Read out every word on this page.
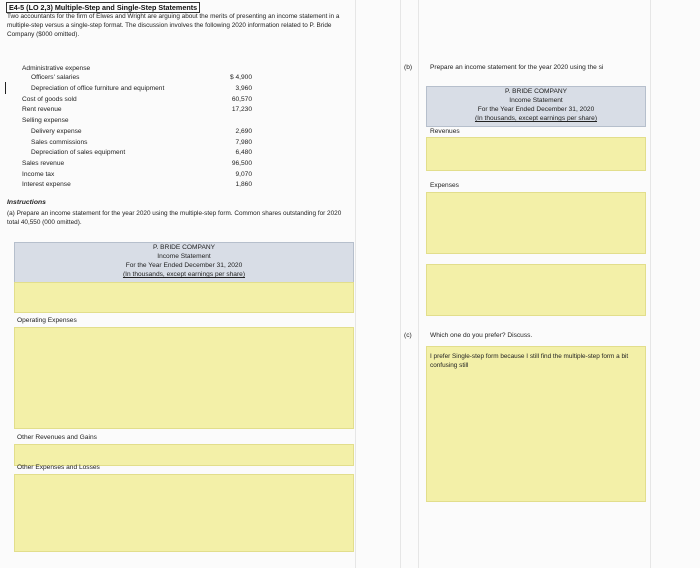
E4-5 (LO 2,3) Multiple-Step and Single-Step Statements
Two accountants for the firm of Elwes and Wright are arguing about the merits of presenting an income statement in a multiple-step versus a single-step format. The discussion involves the following 2020 information related to P. Bride Company ($000 omitted).
Administrative expense
Officers' salaries	$ 4,900
Depreciation of office furniture and equipment	3,960
Cost of goods sold	60,570
Rent revenue	17,230
Selling expense
Delivery expense	2,690
Sales commissions	7,980
Depreciation of sales equipment	6,480
Sales revenue	96,500
Income tax	9,070
Interest expense	1,860
Instructions
(a) Prepare an income statement for the year 2020 using the multiple-step form. Common shares outstanding for 2020 total 40,550 (000 omitted).
P. BRIDE COMPANY
Income Statement
For the Year Ended December 31, 2020
(In thousands, except earnings per share)
Operating Expenses
Other Revenues and Gains
Other Expenses and Losses
(b)	Prepare an income statement for the year 2020 using the si
P. BRIDE COMPANY
Income Statement
For the Year Ended December 31, 2020
(In thousands, except earnings per share)
Revenues
Expenses
(c)	Which one do you prefer? Discuss.
I prefer Single-step form because I still find the multiple-step form a bit confusing still
